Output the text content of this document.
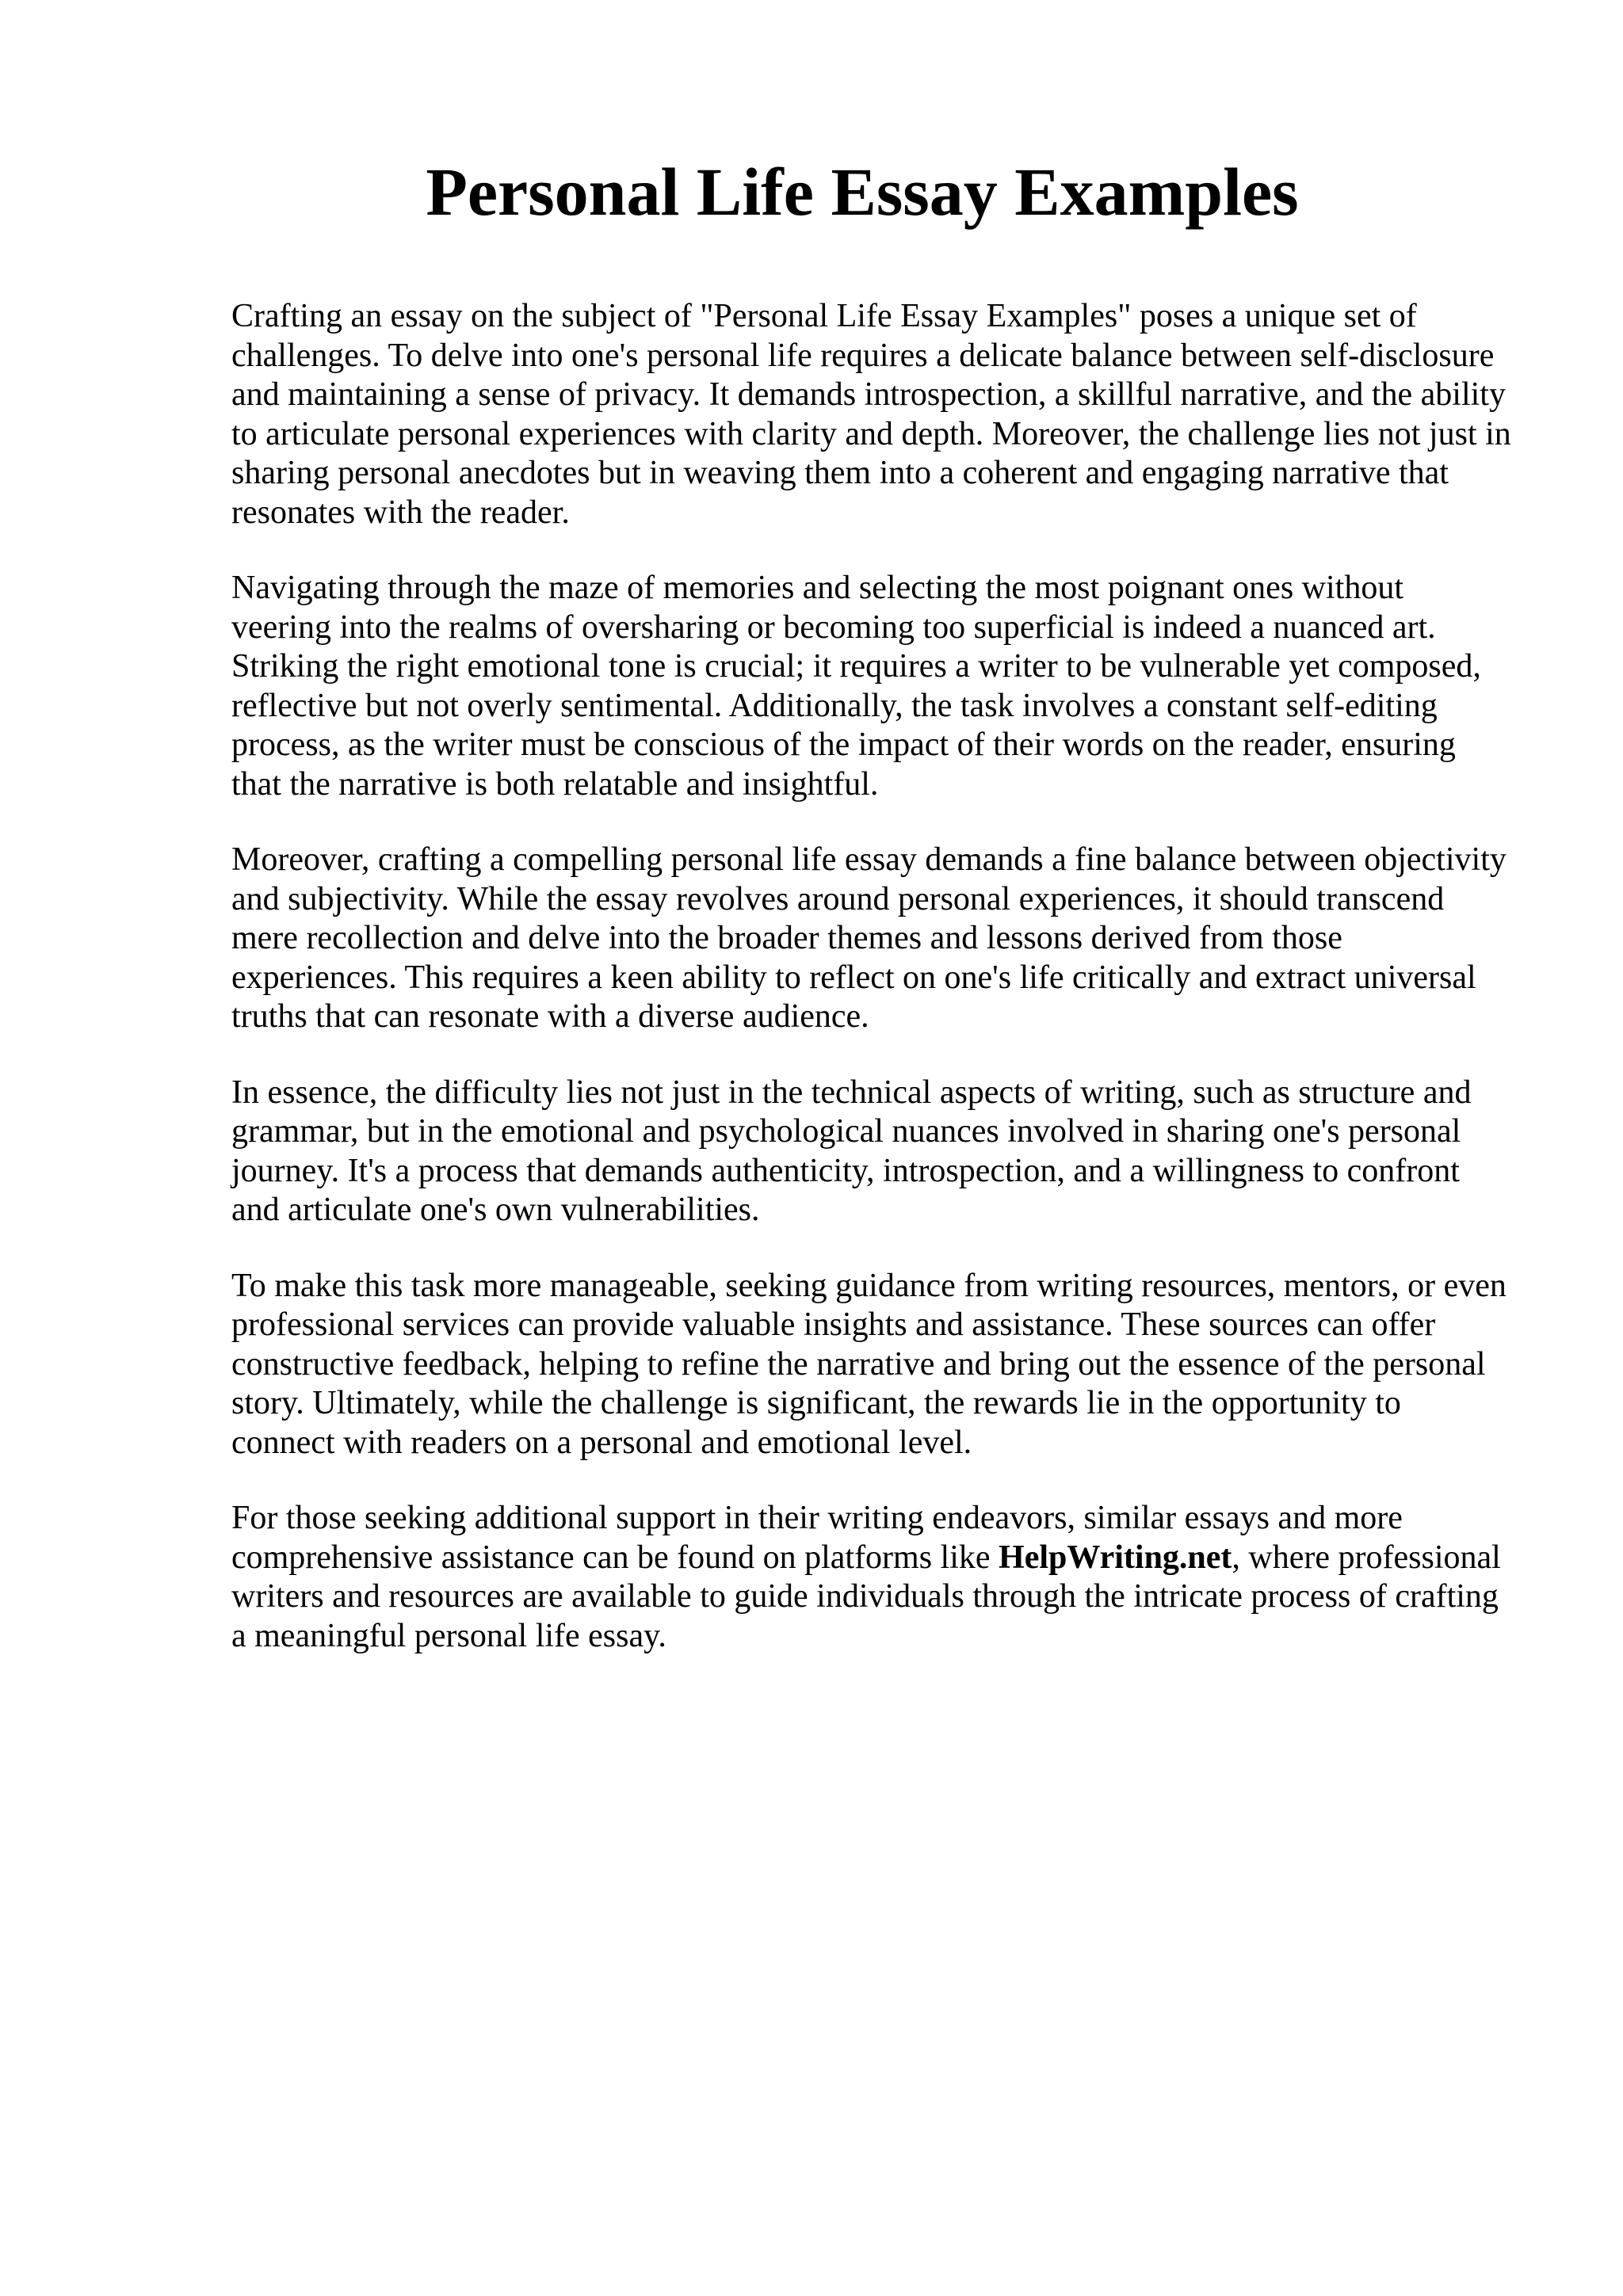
Personal Life Essay Examples

Crafting an essay on the subject of "Personal Life Essay Examples" poses a unique set of challenges. To delve into one's personal life requires a delicate balance between self-disclosure and maintaining a sense of privacy. It demands introspection, a skillful narrative, and the ability to articulate personal experiences with clarity and depth. Moreover, the challenge lies not just in sharing personal anecdotes but in weaving them into a coherent and engaging narrative that resonates with the reader.

Navigating through the maze of memories and selecting the most poignant ones without veering into the realms of oversharing or becoming too superficial is indeed a nuanced art. Striking the right emotional tone is crucial; it requires a writer to be vulnerable yet composed, reflective but not overly sentimental. Additionally, the task involves a constant self-editing process, as the writer must be conscious of the impact of their words on the reader, ensuring that the narrative is both relatable and insightful.

Moreover, crafting a compelling personal life essay demands a fine balance between objectivity and subjectivity. While the essay revolves around personal experiences, it should transcend mere recollection and delve into the broader themes and lessons derived from those experiences. This requires a keen ability to reflect on one's life critically and extract universal truths that can resonate with a diverse audience.

In essence, the difficulty lies not just in the technical aspects of writing, such as structure and grammar, but in the emotional and psychological nuances involved in sharing one's personal journey. It's a process that demands authenticity, introspection, and a willingness to confront and articulate one's own vulnerabilities.

To make this task more manageable, seeking guidance from writing resources, mentors, or even professional services can provide valuable insights and assistance. These sources can offer constructive feedback, helping to refine the narrative and bring out the essence of the personal story. Ultimately, while the challenge is significant, the rewards lie in the opportunity to connect with readers on a personal and emotional level.

For those seeking additional support in their writing endeavors, similar essays and more comprehensive assistance can be found on platforms like HelpWriting.net, where professional writers and resources are available to guide individuals through the intricate process of crafting a meaningful personal life essay.
